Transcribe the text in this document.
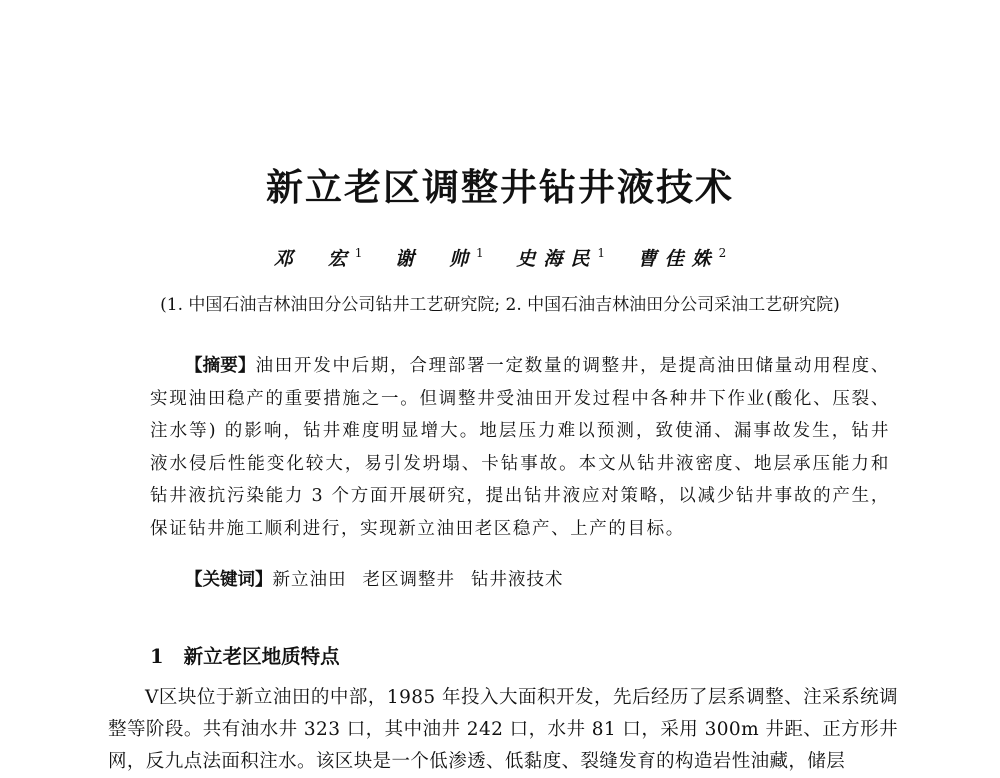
新立老区调整井钻井液技术
邓　宏$^1$ 谢　帅$^1$ 史海民$^1$ 曹佳姝$^2$
(1. 中国石油吉林油田分公司钻井工艺研究院; 2. 中国石油吉林油田分公司采油工艺研究院)

【摘要】油田开发中后期，合理部署一定数量的调整井，是提高油田储量动用程度、实现油田稳产的重要措施之一。但调整井受油田开发过程中各种井下作业(酸化、压裂、注水等) 的影响，钻井难度明显增大。地层压力难以预测，致使涌、漏事故发生，钻井液水侵后性能变化较大，易引发坍塌、卡钻事故。本文从钻井液密度、地层承压能力和钻井液抗污染能力 3 个方面开展研究，提出钻井液应对策略，以减少钻井事故的产生，保证钻井施工顺利进行，实现新立油田老区稳产、上产的目标。

【关键词】新立油田 老区调整井 钻井液技术
1 新立老区地质特点

Ⅴ区块位于新立油田的中部，1985 年投入大面积开发，先后经历了层系调整、注采系统调整等阶段。共有油水井 323 口，其中油井 242 口，水井 81 口，采用 300m 井距、正方形井网，反九点法面积注水。该区块是一个低渗透、低黏度、裂缝发育的构造岩性油藏，储层
